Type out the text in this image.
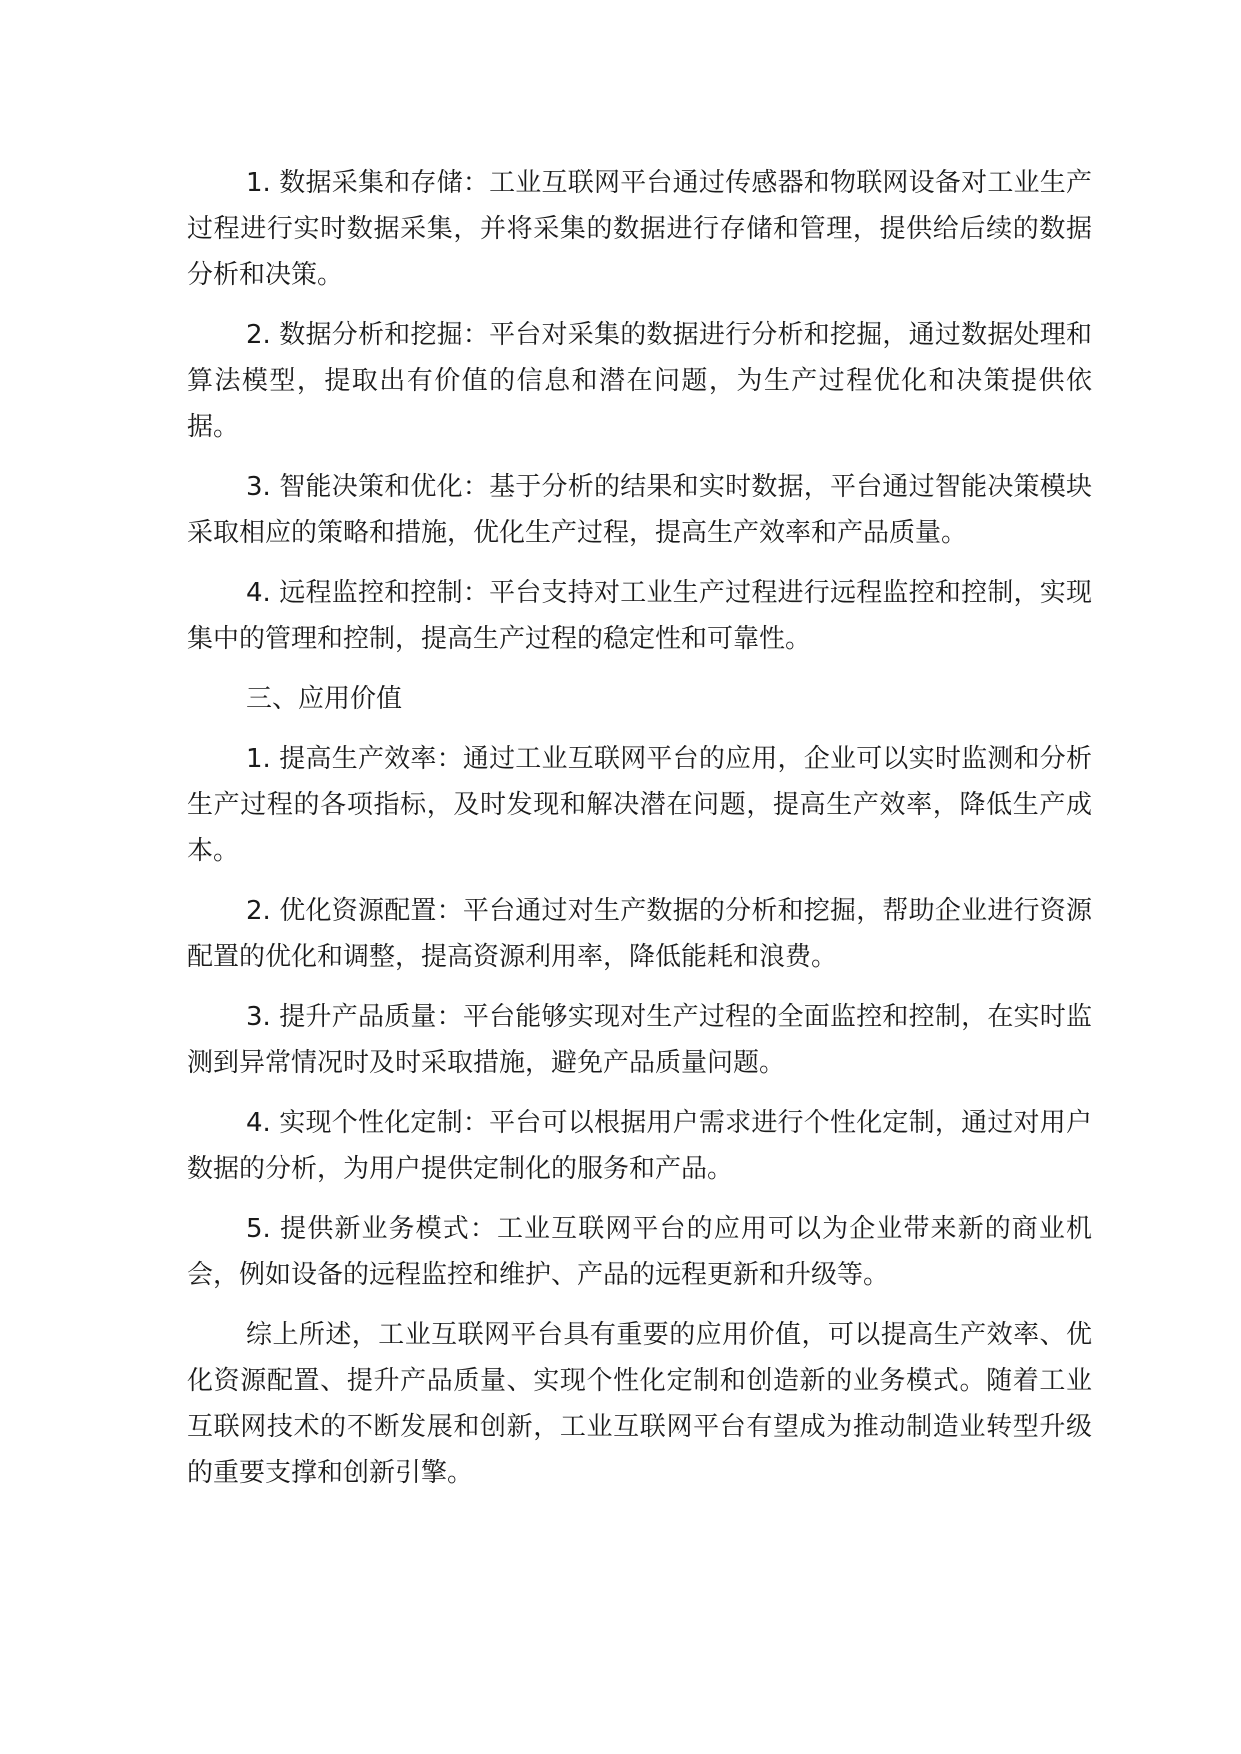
1. 数据采集和存储：工业互联网平台通过传感器和物联网设备对工业生产过程进行实时数据采集，并将采集的数据进行存储和管理，提供给后续的数据分析和决策。

2. 数据分析和挖掘：平台对采集的数据进行分析和挖掘，通过数据处理和算法模型，提取出有价值的信息和潜在问题，为生产过程优化和决策提供依据。

3. 智能决策和优化：基于分析的结果和实时数据，平台通过智能决策模块采取相应的策略和措施，优化生产过程，提高生产效率和产品质量。

4. 远程监控和控制：平台支持对工业生产过程进行远程监控和控制，实现集中的管理和控制，提高生产过程的稳定性和可靠性。

三、应用价值

1. 提高生产效率：通过工业互联网平台的应用，企业可以实时监测和分析生产过程的各项指标，及时发现和解决潜在问题，提高生产效率，降低生产成本。

2. 优化资源配置：平台通过对生产数据的分析和挖掘，帮助企业进行资源配置的优化和调整，提高资源利用率，降低能耗和浪费。

3. 提升产品质量：平台能够实现对生产过程的全面监控和控制，在实时监测到异常情况时及时采取措施，避免产品质量问题。

4. 实现个性化定制：平台可以根据用户需求进行个性化定制，通过对用户数据的分析，为用户提供定制化的服务和产品。

5. 提供新业务模式：工业互联网平台的应用可以为企业带来新的商业机会，例如设备的远程监控和维护、产品的远程更新和升级等。

综上所述，工业互联网平台具有重要的应用价值，可以提高生产效率、优化资源配置、提升产品质量、实现个性化定制和创造新的业务模式。随着工业互联网技术的不断发展和创新，工业互联网平台有望成为推动制造业转型升级的重要支撑和创新引擎。
